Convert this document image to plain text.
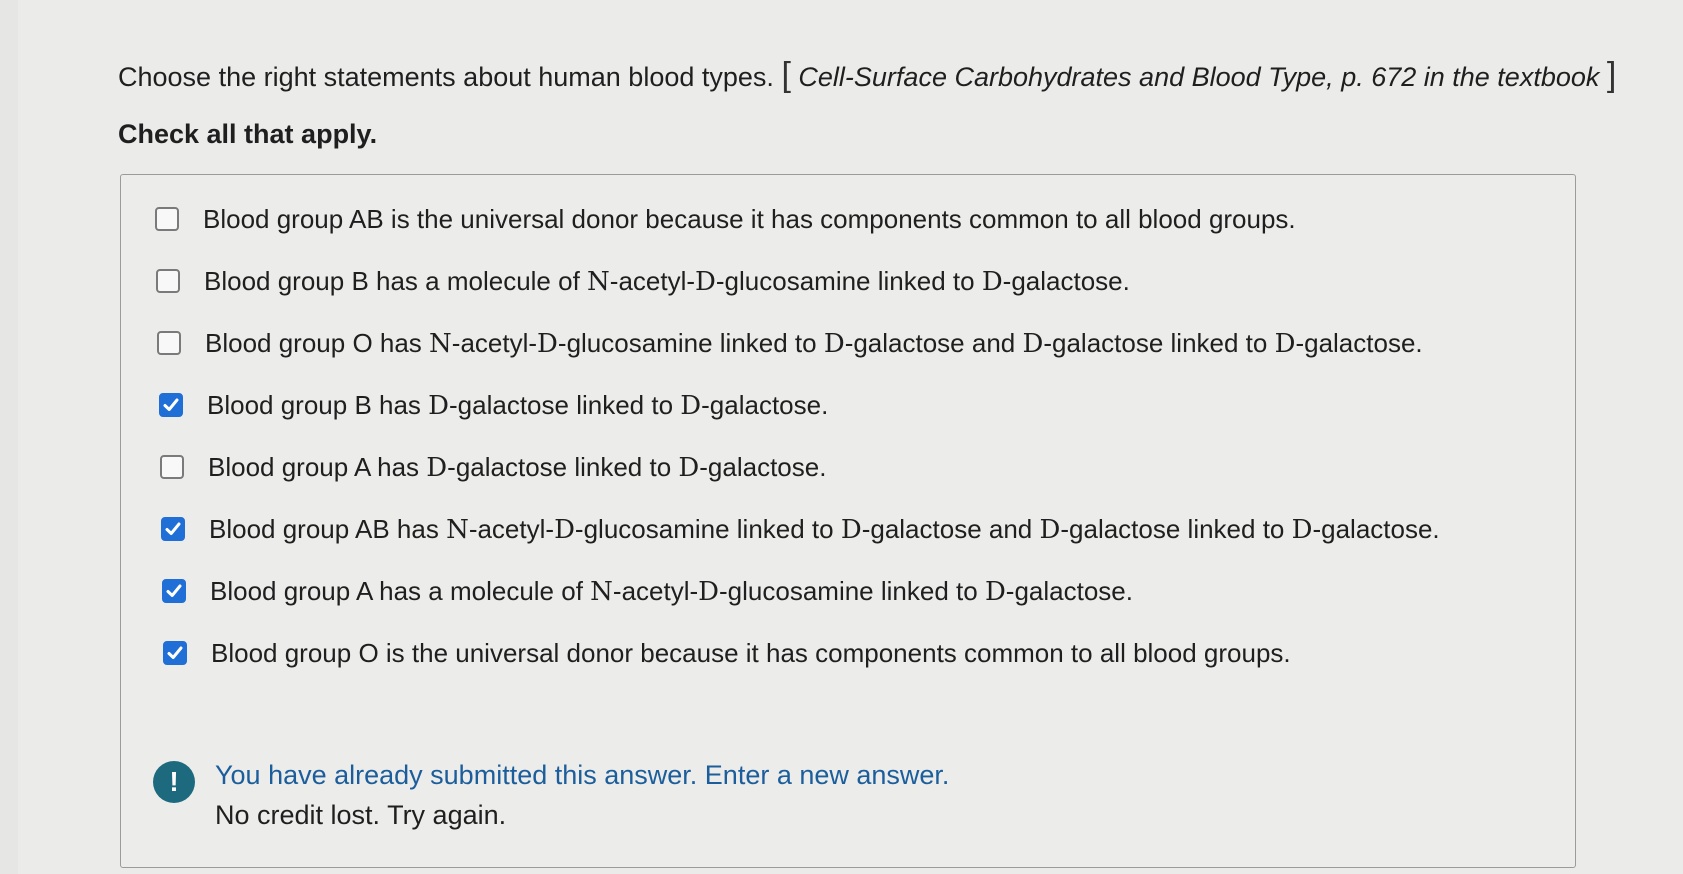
Choose the right statements about human blood types. [ Cell-Surface Carbohydrates and Blood Type, p. 672 in the textbook ]
Check all that apply.
Blood group AB is the universal donor because it has components common to all blood groups.
Blood group B has a molecule of N-acetyl-D-glucosamine linked to D-galactose.
Blood group O has N-acetyl-D-glucosamine linked to D-galactose and D-galactose linked to D-galactose.
Blood group B has D-galactose linked to D-galactose.
Blood group A has D-galactose linked to D-galactose.
Blood group AB has N-acetyl-D-glucosamine linked to D-galactose and D-galactose linked to D-galactose.
Blood group A has a molecule of N-acetyl-D-glucosamine linked to D-galactose.
Blood group O is the universal donor because it has components common to all blood groups.
!	You have already submitted this answer. Enter a new answer.
No credit lost. Try again.
